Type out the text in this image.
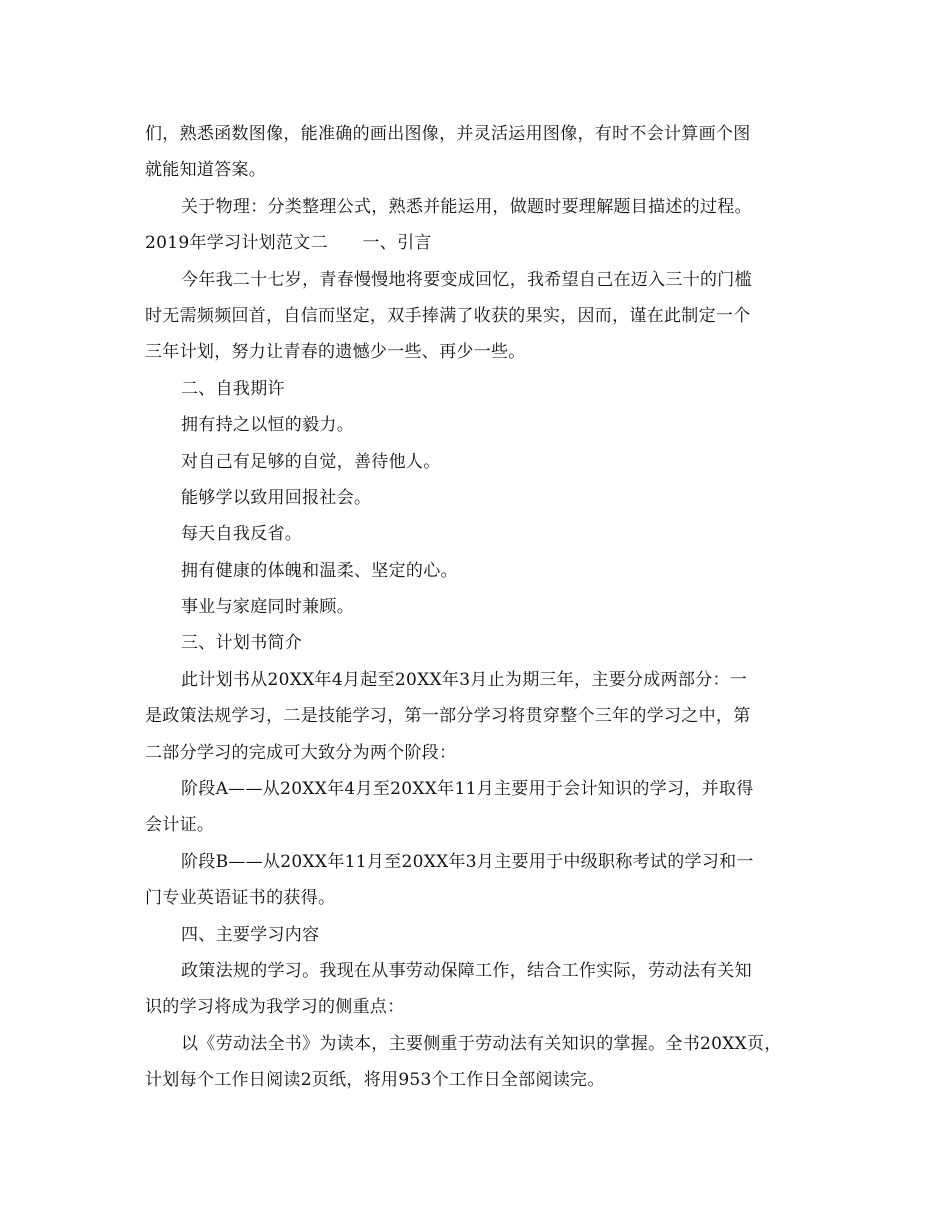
们，熟悉函数图像，能准确的画出图像，并灵活运用图像，有时不会计算画个图
就能知道答案。
关于物理：分类整理公式，熟悉并能运用，做题时要理解题目描述的过程。
2019年学习计划范文二　　一、引言
今年我二十七岁，青春慢慢地将要变成回忆，我希望自己在迈入三十的门槛
时无需频频回首，自信而坚定，双手捧满了收获的果实，因而，谨在此制定一个
三年计划，努力让青春的遗憾少一些、再少一些。
二、自我期许
拥有持之以恒的毅力。
对自己有足够的自觉，善待他人。
能够学以致用回报社会。
每天自我反省。
拥有健康的体魄和温柔、坚定的心。
事业与家庭同时兼顾。
三、计划书简介
此计划书从20XX年4月起至20XX年3月止为期三年，主要分成两部分：一
是政策法规学习，二是技能学习，第一部分学习将贯穿整个三年的学习之中，第
二部分学习的完成可大致分为两个阶段：
阶段A——从20XX年4月至20XX年11月主要用于会计知识的学习，并取得
会计证。
阶段B——从20XX年11月至20XX年3月主要用于中级职称考试的学习和一
门专业英语证书的获得。
四、主要学习内容
政策法规的学习。我现在从事劳动保障工作，结合工作实际，劳动法有关知
识的学习将成为我学习的侧重点：
以《劳动法全书》为读本，主要侧重于劳动法有关知识的掌握。全书20XX页，
计划每个工作日阅读2页纸，将用953个工作日全部阅读完。
